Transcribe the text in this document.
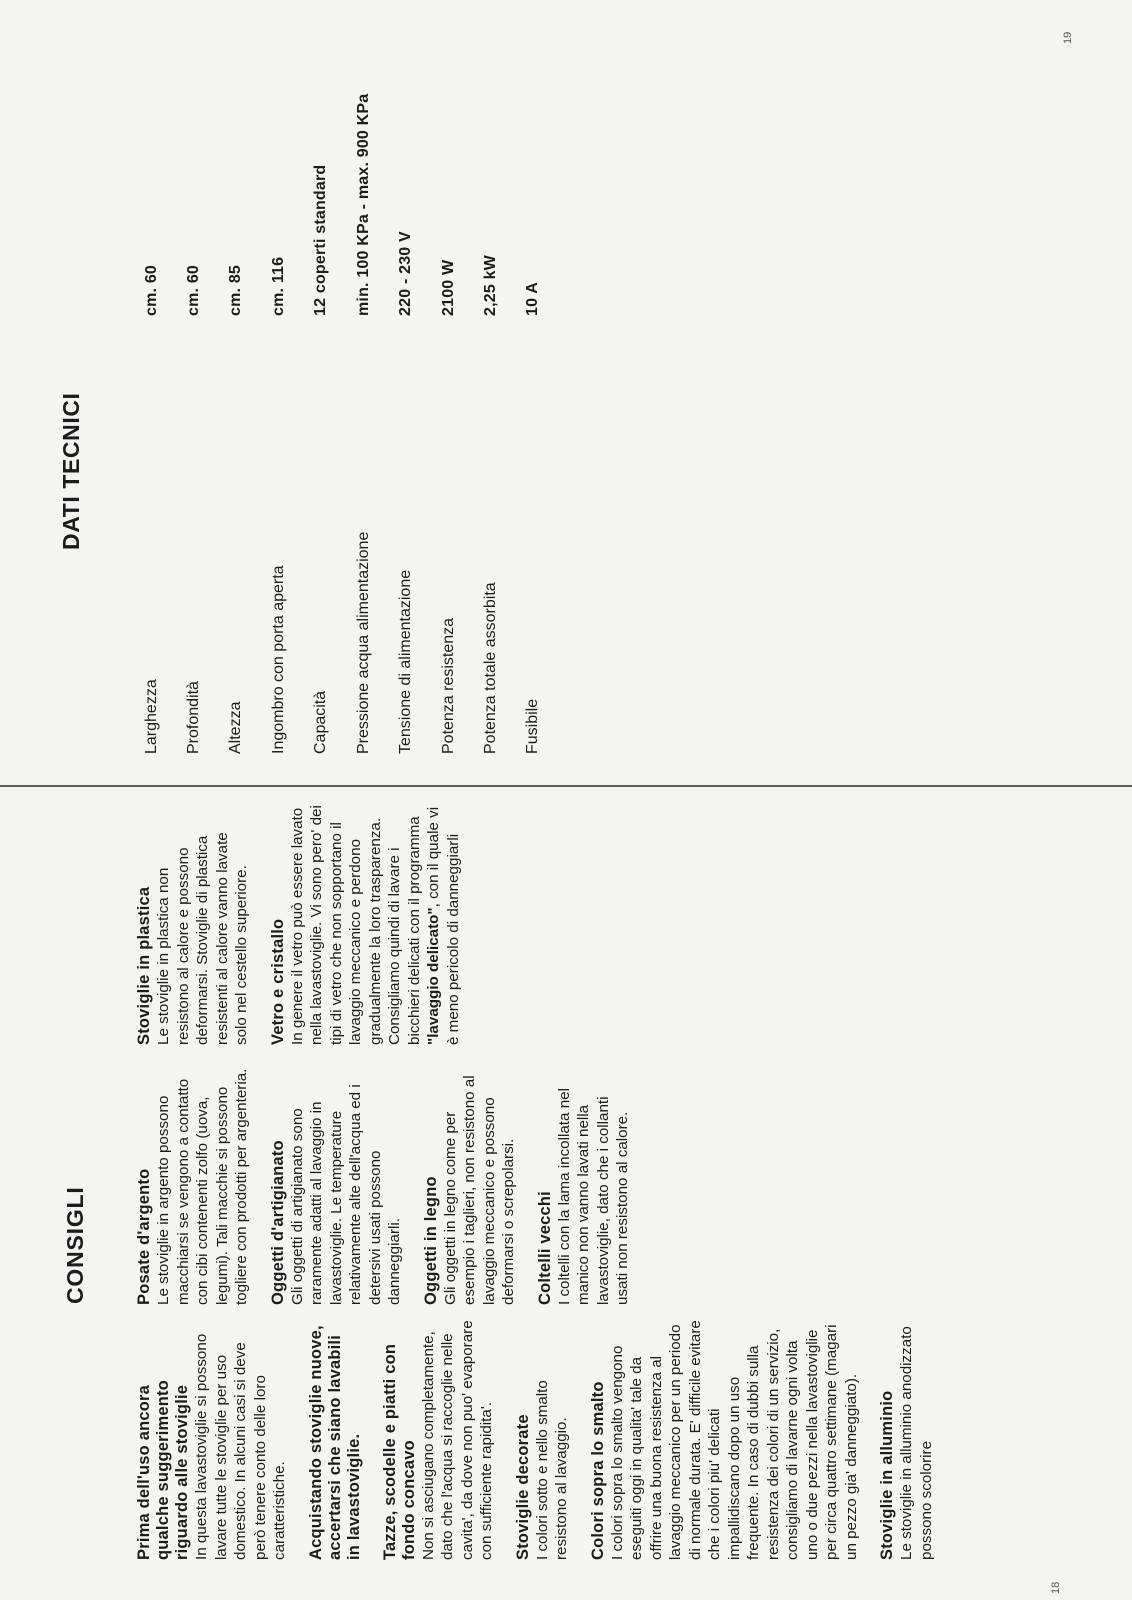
CONSIGLI

Prima dell'uso ancora qualche suggerimento riguardo alle stoviglie In questa lavastoviglie si possono lavare tutte le stoviglie per uso domestico. In alcuni casi si deve però tenere conto delle loro caratteristiche. Acquistando stoviglie nuove, accertarsi che siano lavabili in lavastoviglie. Tazze, scodelle e piatti con fondo concavo Non si asciugano completamente, dato che l'acqua si raccoglie nelle cavita', da dove non puo' evaporare con sufficiente rapidita'. Stoviglie decorate I colori sotto e nello smalto resistono al lavaggio. Colori sopra lo smalto I colori sopra lo smalto vengono eseguiti oggi in qualita' tale da offrire una buona resistenza al lavaggio meccanico per un periodo di normale durata. E' difficile evitare che i colori piu' delicati impallidiscano dopo un uso frequente. In caso di dubbi sulla resistenza dei colori di un servizio, consigliamo di lavarne ogni volta uno o due pezzi nella lavastoviglie per circa quattro settimane (magari un pezzo gia' danneggiato). Stoviglie in alluminio Le stoviglie in alluminio anodizzato possono scolorire

Posate d'argento Le stoviglie in argento possono macchiarsi se vengono a contatto con cibi contenenti zolfo (uova, legumi). Tali macchie si possono togliere con prodotti per argenteria. Oggetti d'artigianato Gli oggetti di artigianato sono raramente adatti al lavaggio in lavastoviglie. Le temperature relativamente alte dell'acqua ed i detersivi usati possono danneggiarli. Oggetti in legno Gli oggetti in legno come per esempio i taglieri, non resistono al lavaggio meccanico e possono deformarsi o screpolarsi. Coltelli vecchi I coltelli con la lama incollata nel manico non vanno lavati nella lavastoviglie, dato che i collanti usati non resistono al calore.

Stoviglie in plastica Le stoviglie in plastica non resistono al calore e possono deformarsi. Stoviglie di plastica resistenti al calore vanno lavate solo nel cestello superiore. Vetro e cristallo In genere il vetro può essere lavato nella lavastoviglie. Vi sono pero' dei tipi di vetro che non sopportano il lavaggio meccanico e perdono gradualmente la loro trasparenza. Consigliamo quindi di lavare i bicchieri delicati con il programma "lavaggio delicato", con il quale vi è meno pericolo di danneggiarli

DATI TECNICI
Larghezza
cm. 60
Profondità
cm. 60
Altezza
cm. 85
Ingombro con porta aperta
cm. 116
Capacità
12 coperti standard
Pressione acqua alimentazione
min. 100 KPa - max. 900 KPa
Tensione di alimentazione
220 - 230 V
Potenza resistenza
2100 W
Potenza totale assorbita
2,25 kW
Fusibile
10 A
18
19
